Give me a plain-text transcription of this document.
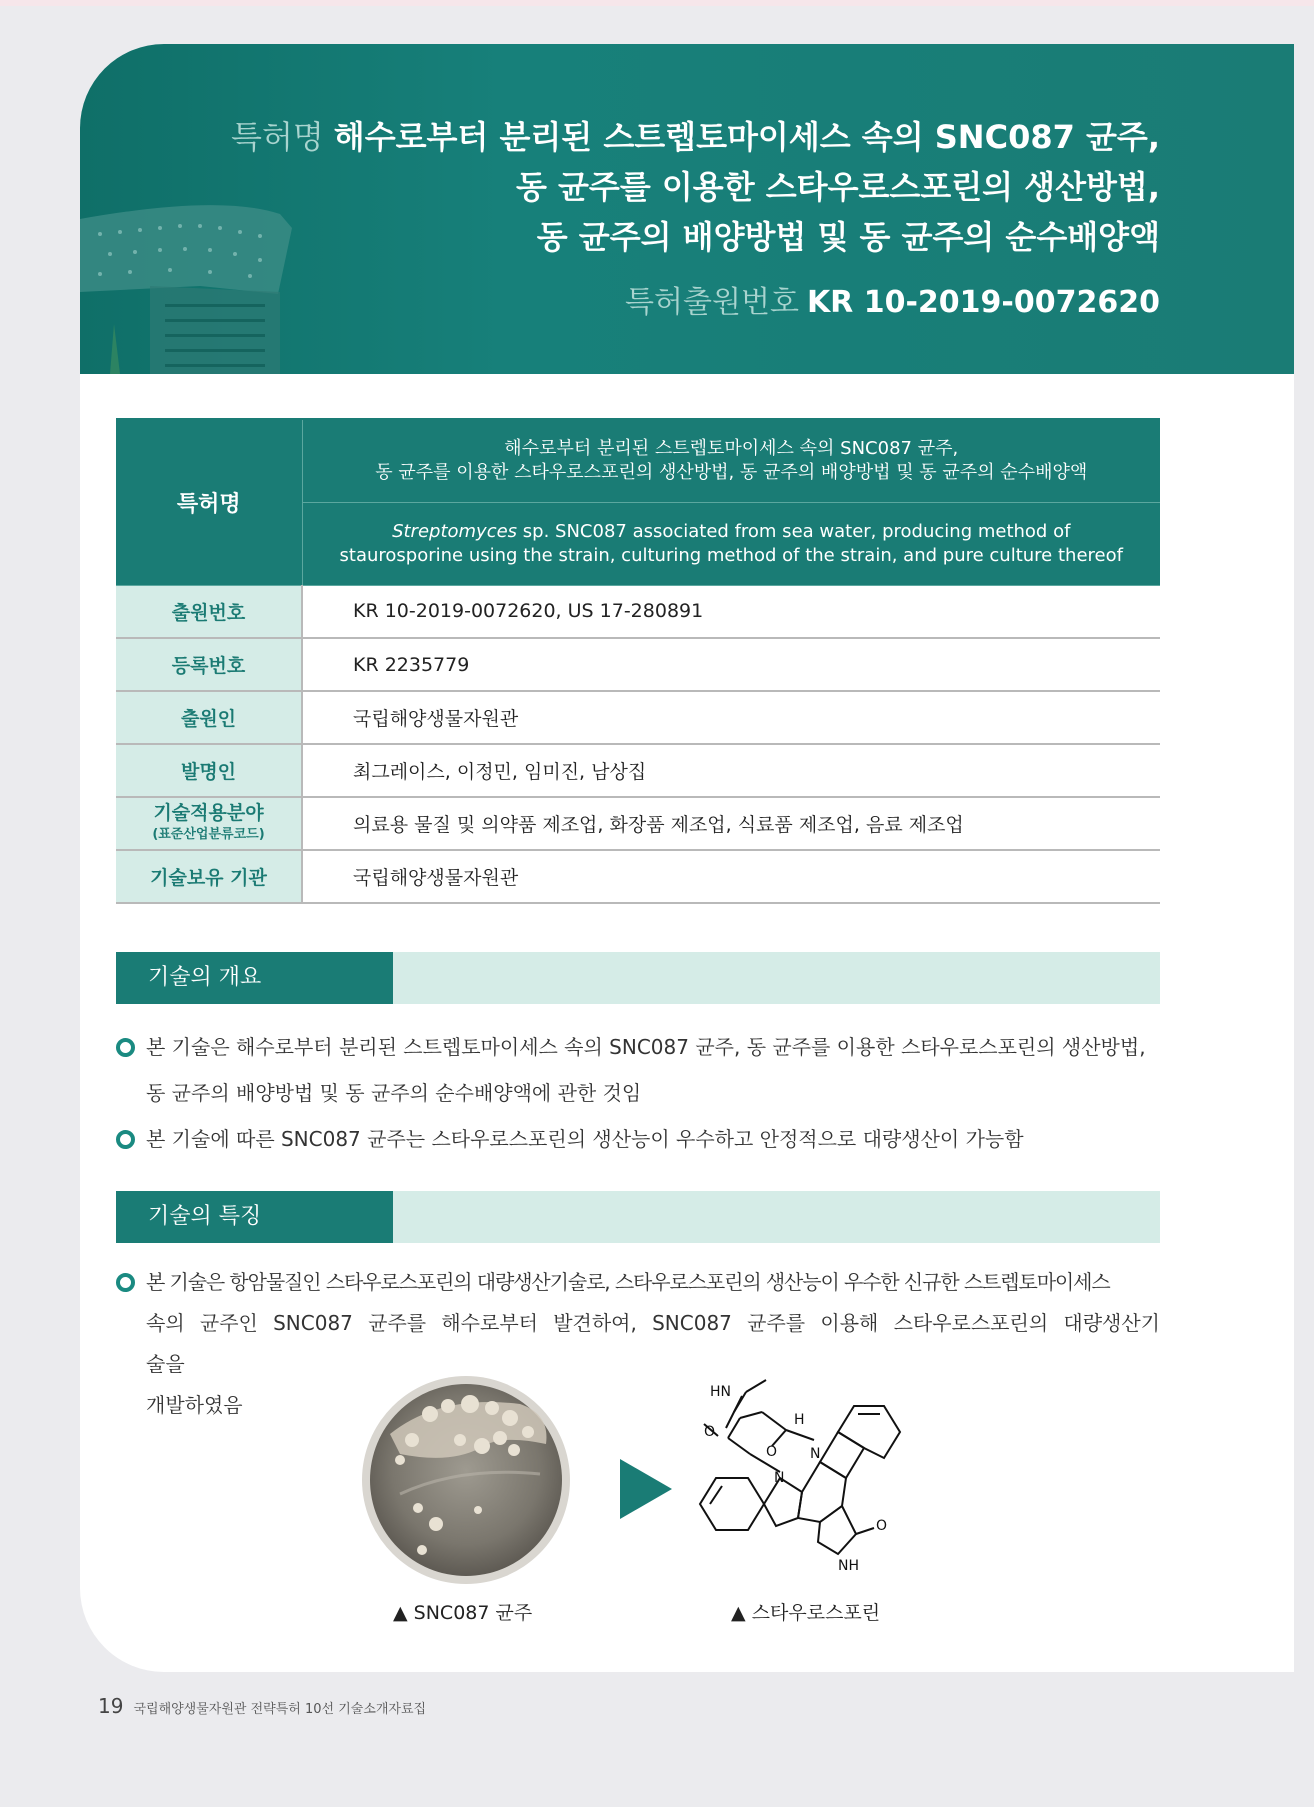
특허명 해수로부터 분리된 스트렙토마이세스 속의 SNC087 균주,
동 균주를 이용한 스타우로스포린의 생산방법,
동 균주의 배양방법 및 동 균주의 순수배양액
특허출원번호 KR 10-2019-0072620
특허명	해수로부터 분리된 스트렙토마이세스 속의 SNC087 균주,
동 균주를 이용한 스타우로스포린의 생산방법, 동 균주의 배양방법 및 동 균주의 순수배양액

	Streptomyces sp. SNC087 associated from sea water, producing method of
staurosporine using the strain, culturing method of the strain, and pure culture thereof

출원번호	KR 10-2019-0072620, US 17-280891
등록번호	KR 2235779
출원인	국립해양생물자원관
발명인	최그레이스, 이정민, 임미진, 남상집
기술적용분야
(표준산업분류코드)	의료용 물질 및 의약품 제조업, 화장품 제조업, 식료품 제조업, 음료 제조업
기술보유 기관	국립해양생물자원관
기술의 개요
본 기술은 해수로부터 분리된 스트렙토마이세스 속의 SNC087 균주, 동 균주를 이용한 스타우로스포린의 생산방법,
동 균주의 배양방법 및 동 균주의 순수배양액에 관한 것임
본 기술에 따른 SNC087 균주는 스타우로스포린의 생산능이 우수하고 안정적으로 대량생산이 가능함
기술의 특징
본 기술은 항암물질인 스타우로스포린의 대량생산기술로, 스타우로스포린의 생산능이 우수한 신규한 스트렙토마이세스
속의 균주인 SNC087 균주를 해수로부터 발견하여, SNC087 균주를 이용해 스타우로스포린의 대량생산기술을
개발하였음
HN
H
O
O
N
N
O
NH
▲ SNC087 균주	▲ 스타우로스포린
19 국립해양생물자원관 전략특허 10선 기술소개자료집
